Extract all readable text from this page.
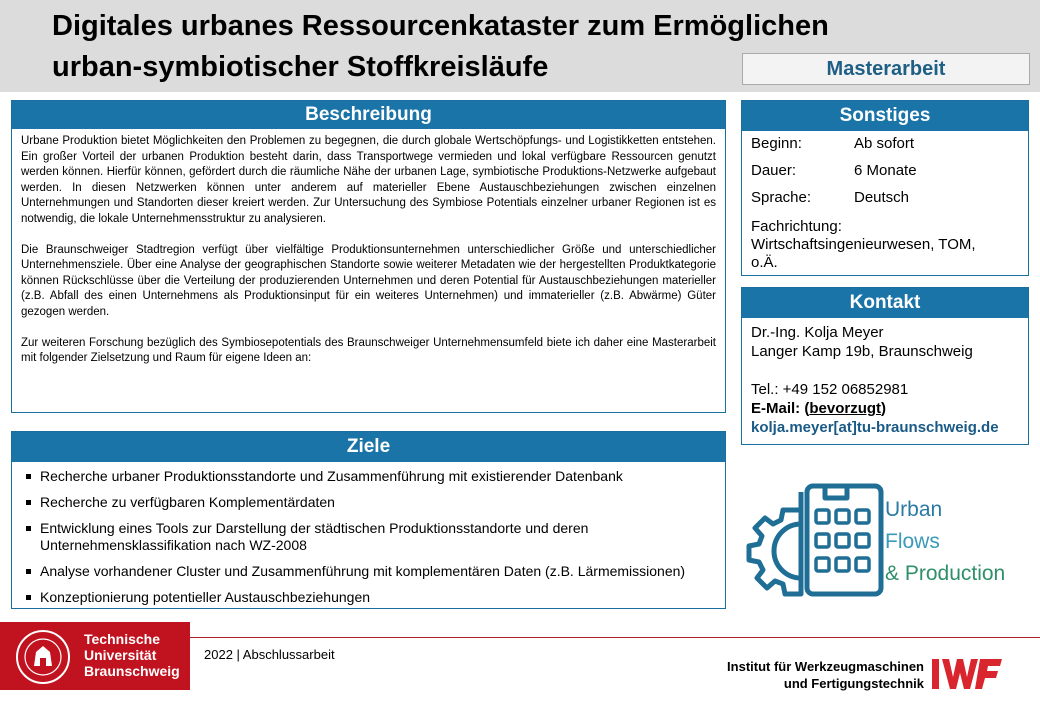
Digitales urbanes Ressourcenkataster zum Ermöglichen
urban-symbiotischer Stoffkreisläufe	Masterarbeit
Beschreibung

Urbane Produktion bietet Möglichkeiten den Problemen zu begegnen, die durch globale Wertschöpfungs- und Logistikketten entstehen. Ein großer Vorteil der urbanen Produktion besteht darin, dass Transportwege vermieden und lokal verfügbare Ressourcen genutzt werden können. Hierfür können, gefördert durch die räumliche Nähe der urbanen Lage, symbiotische Produktions-Netzwerke aufgebaut werden. In diesen Netzwerken können unter anderem auf materieller Ebene Austauschbeziehungen zwischen einzelnen Unternehmungen und Standorten dieser kreiert werden. Zur Untersuchung des Symbiose Potentials einzelner urbaner Regionen ist es notwendig, die lokale Unternehmensstruktur zu analysieren.

Die Braunschweiger Stadtregion verfügt über vielfältige Produktionsunternehmen unterschiedlicher Größe und unterschiedlicher Unternehmensziele. Über eine Analyse der geographischen Standorte sowie weiterer Metadaten wie der hergestellten Produktkategorie können Rückschlüsse über die Verteilung der produzierenden Unternehmen und deren Potential für Austauschbeziehungen materieller (z.B. Abfall des einen Unternehmens als Produktionsinput für ein weiteres Unternehmen) und immaterieller (z.B. Abwärme) Güter gezogen werden.

Zur weiteren Forschung bezüglich des Symbiosepotentials des Braunschweiger Unternehmensumfeld biete ich daher eine Masterarbeit mit folgender Zielsetzung und Raum für eigene Ideen an:

Ziele
Recherche urbaner Produktionsstandorte und Zusammenführung mit existierender Datenbank
Recherche zu verfügbaren Komplementärdaten
Entwicklung eines Tools zur Darstellung der städtischen Produktionsstandorte und deren Unternehmensklassifikation nach WZ-2008
Analyse vorhandener Cluster und Zusammenführung mit komplementären Daten (z.B. Lärmemissionen)
Konzeptionierung potentieller Austauschbeziehungen
Sonstiges
Beginn:	Ab sofort
Dauer:	6 Monate
Sprache:	Deutsch
Fachrichtung:
Wirtschaftsingenieurwesen, TOM, o.Ä.
Kontakt
Dr.-Ing. Kolja Meyer
Langer Kamp 19b, Braunschweig
Tel.: +49 152 06852981
E-Mail: (bevorzugt)
kolja.meyer[at]tu-braunschweig.de
Urban
Flows
& Production
Technische
Universität
Braunschweig
2022 | Abschlussarbeit
Institut für Werkzeugmaschinen
und Fertigungstechnik
